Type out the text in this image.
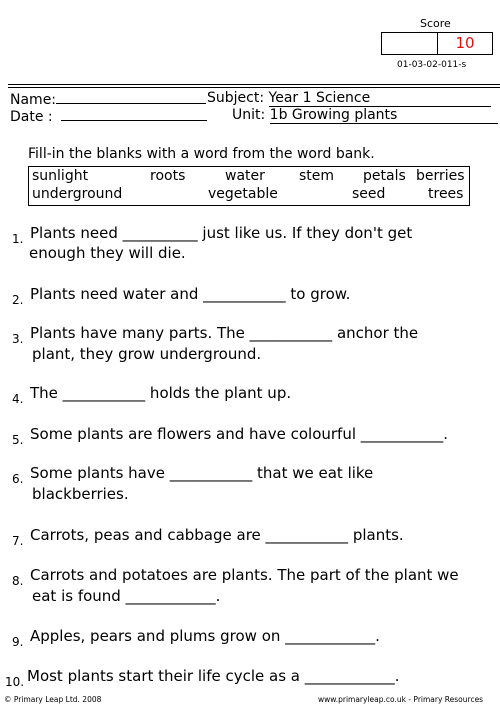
Score
10
01-03-02-011-s
Name:
Date :
Subject: Year 1 Science
Unit: 1b Growing plants
Fill-in the blanks with a word from the word bank.
sunlight	roots	water stem petals berries
underground	vegetable	seed	trees
1. Plants need __________ just like us. If they don't get
enough they will die.
2. Plants need water and ___________ to grow.
3. Plants have many parts. The ___________ anchor the
plant, they grow underground.
4. The ___________ holds the plant up.
5. Some plants are flowers and have colourful ___________.
6. Some plants have ___________ that we eat like
blackberries.
7. Carrots, peas and cabbage are ___________ plants.
8. Carrots and potatoes are plants. The part of the plant we
eat is found ____________.
9. Apples, pears and plums grow on ____________.
10. Most plants start their life cycle as a ____________.
© Primary Leap Ltd. 2008	www.primaryleap.co.uk - Primary Resources
